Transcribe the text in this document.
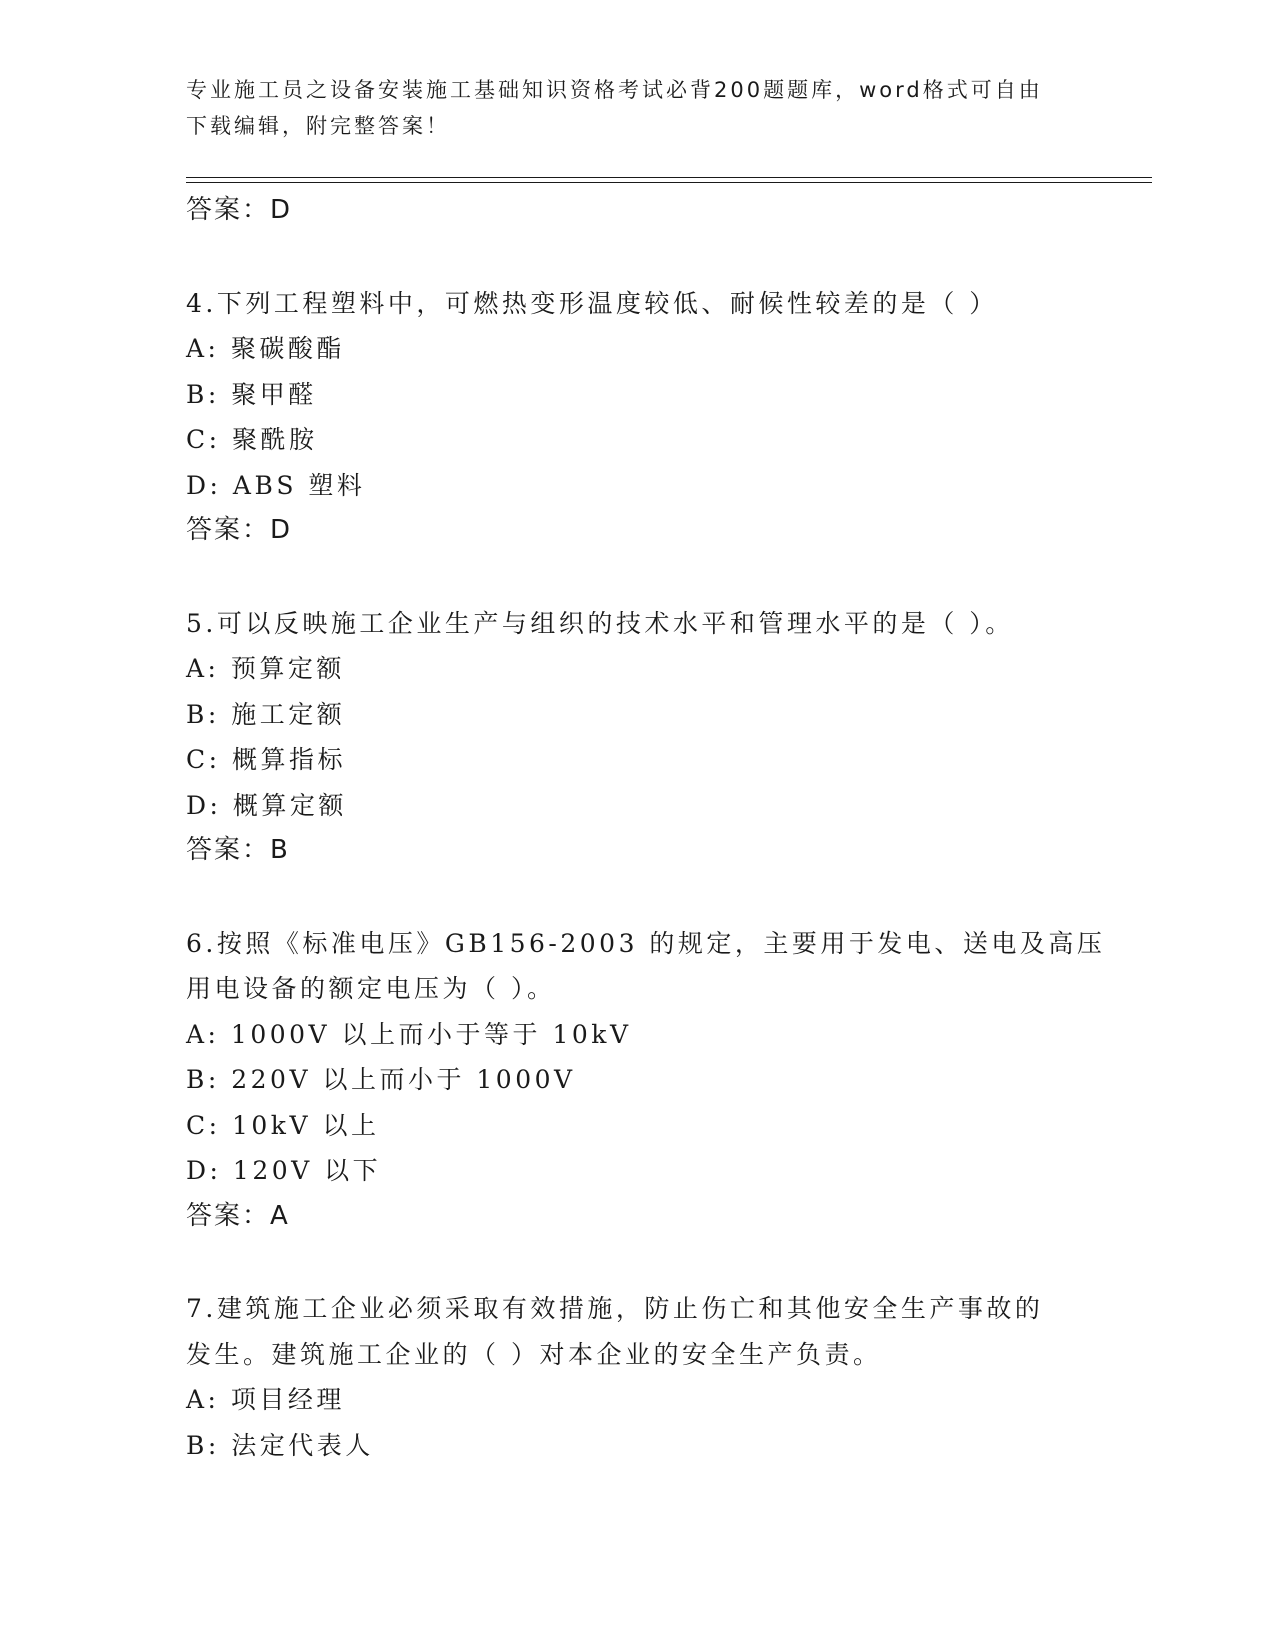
专业施工员之设备安装施工基础知识资格考试必背200题题库，word格式可自由
下载编辑，附完整答案！
答案：D
4.下列工程塑料中，可燃热变形温度较低、耐候性较差的是（ ）
A: 聚碳酸酯
B: 聚甲醛
C: 聚酰胺
D: ABS 塑料
答案：D
5.可以反映施工企业生产与组织的技术水平和管理水平的是（ ）。
A: 预算定额
B: 施工定额
C: 概算指标
D: 概算定额
答案：B
6.按照《标准电压》GB156-2003 的规定，主要用于发电、送电及高压
用电设备的额定电压为（ ）。
A: 1000V 以上而小于等于 10kV
B: 220V 以上而小于 1000V
C: 10kV 以上
D: 120V 以下
答案：A
7.建筑施工企业必须采取有效措施，防止伤亡和其他安全生产事故的
发生。建筑施工企业的（ ）对本企业的安全生产负责。
A: 项目经理
B: 法定代表人
